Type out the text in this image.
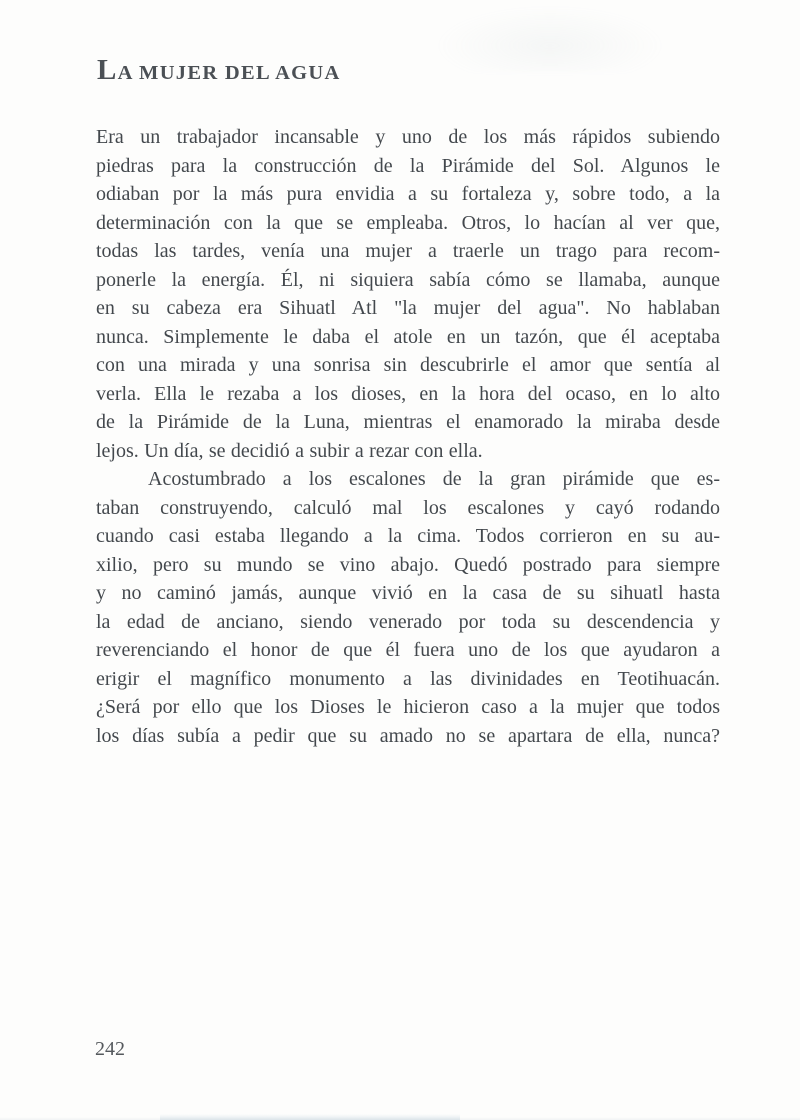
LA MUJER DEL AGUA
Era un trabajador incansable y uno de los más rápidos subiendo
piedras para la construcción de la Pirámide del Sol. Algunos le
odiaban por la más pura envidia a su fortaleza y, sobre todo, a la
determinación con la que se empleaba. Otros, lo hacían al ver que,
todas las tardes, venía una mujer a traerle un trago para recom-
ponerle la energía. Él, ni siquiera sabía cómo se llamaba, aunque
en su cabeza era Sihuatl Atl "la mujer del agua". No hablaban
nunca. Simplemente le daba el atole en un tazón, que él aceptaba
con una mirada y una sonrisa sin descubrirle el amor que sentía al
verla. Ella le rezaba a los dioses, en la hora del ocaso, en lo alto
de la Pirámide de la Luna, mientras el enamorado la miraba desde
lejos. Un día, se decidió a subir a rezar con ella.
Acostumbrado a los escalones de la gran pirámide que es-
taban construyendo, calculó mal los escalones y cayó rodando
cuando casi estaba llegando a la cima. Todos corrieron en su au-
xilio, pero su mundo se vino abajo. Quedó postrado para siempre
y no caminó jamás, aunque vivió en la casa de su sihuatl hasta
la edad de anciano, siendo venerado por toda su descendencia y
reverenciando el honor de que él fuera uno de los que ayudaron a
erigir el magnífico monumento a las divinidades en Teotihuacán.
¿Será por ello que los Dioses le hicieron caso a la mujer que todos
los días subía a pedir que su amado no se apartara de ella, nunca?
242
